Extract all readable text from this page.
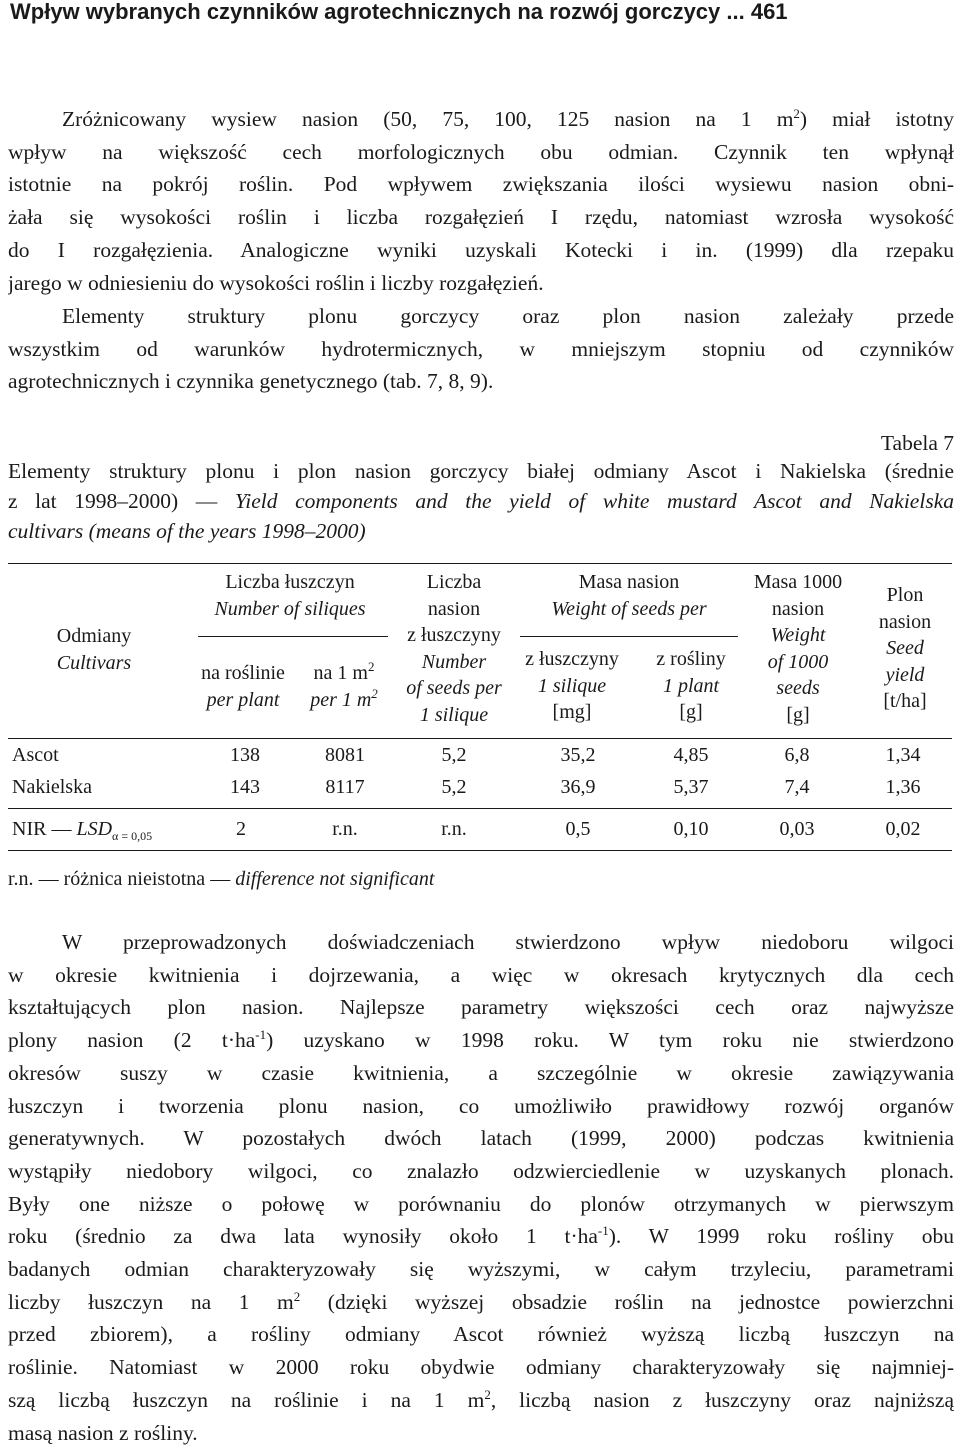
Wpływ wybranych czynników agrotechnicznych na rozwój gorczycy ... 461
Zróżnicowany wysiew nasion (50, 75, 100, 125 nasion na 1 $m^2$) miał istotny
wpływ na większość cech morfologicznych obu odmian. Czynnik ten wpłynął
istotnie na pokrój roślin. Pod wpływem zwiększania ilości wysiewu nasion obni-
żała się wysokości roślin i liczba rozgałęzień I rzędu, natomiast wzrosła wysokość
do I rozgałęzienia. Analogiczne wyniki uzyskali Kotecki i in. (1999) dla rzepaku
jarego w odniesieniu do wysokości roślin i liczby rozgałęzień.
Elementy struktury plonu gorczycy oraz plon nasion zależały przede
wszystkim od warunków hydrotermicznych, w mniejszym stopniu od czynników
agrotechnicznych i czynnika genetycznego (tab. 7, 8, 9).
Tabela 7
Elementy struktury plonu i plon nasion gorczycy białej odmiany Ascot i Nakielska (średnie
z lat 1998–2000) — Yield components and the yield of white mustard Ascot and Nakielska
cultivars (means of the years 1998–2000)
Odmiany
Cultivars
Liczba łuszczyn
Number of siliques
na roślinie
per plant
na 1 $m^2$
per 1 $m^2$
Liczba
nasion
z łuszczyny
Number
of seeds per
1 silique
Masa nasion
Weight of seeds per
z łuszczyny
1 silique
[mg]
z rośliny
1 plant
[g]
Masa 1000
nasion
Weight
of 1000
seeds
[g]
Plon
nasion
Seed
yield
[t/ha]
Ascot	138	8081	5,2	35,2	4,85	6,8	1,34
Nakielska	143	8117	5,2	36,9	5,37	7,4	1,36
NIR — $LSD_{\alpha = 0,05}$	2	r.n.	r.n.	0,5	0,10	0,03	0,02
r.n. — różnica nieistotna — difference not significant
W przeprowadzonych doświadczeniach stwierdzono wpływ niedoboru wilgoci
w okresie kwitnienia i dojrzewania, a więc w okresach krytycznych dla cech
kształtujących plon nasion. Najlepsze parametry większości cech oraz najwyższe
plony nasion (2 $t\cdot ha^{-1}$) uzyskano w 1998 roku. W tym roku nie stwierdzono
okresów suszy w czasie kwitnienia, a szczególnie w okresie zawiązywania
łuszczyn i tworzenia plonu nasion, co umożliwiło prawidłowy rozwój organów
generatywnych. W pozostałych dwóch latach (1999, 2000) podczas kwitnienia
wystąpiły niedobory wilgoci, co znalazło odzwierciedlenie w uzyskanych plonach.
Były one niższe o połowę w porównaniu do plonów otrzymanych w pierwszym
roku (średnio za dwa lata wynosiły około 1 $t\cdot ha^{-1}$). W 1999 roku rośliny obu
badanych odmian charakteryzowały się wyższymi, w całym trzyleciu, parametrami
liczby łuszczyn na 1 $m^2$ (dzięki wyższej obsadzie roślin na jednostce powierzchni
przed zbiorem), a rośliny odmiany Ascot również wyższą liczbą łuszczyn na
roślinie. Natomiast w 2000 roku obydwie odmiany charakteryzowały się najmniej-
szą liczbą łuszczyn na roślinie i na 1 $m^2$, liczbą nasion z łuszczyny oraz najniższą
masą nasion z rośliny.
